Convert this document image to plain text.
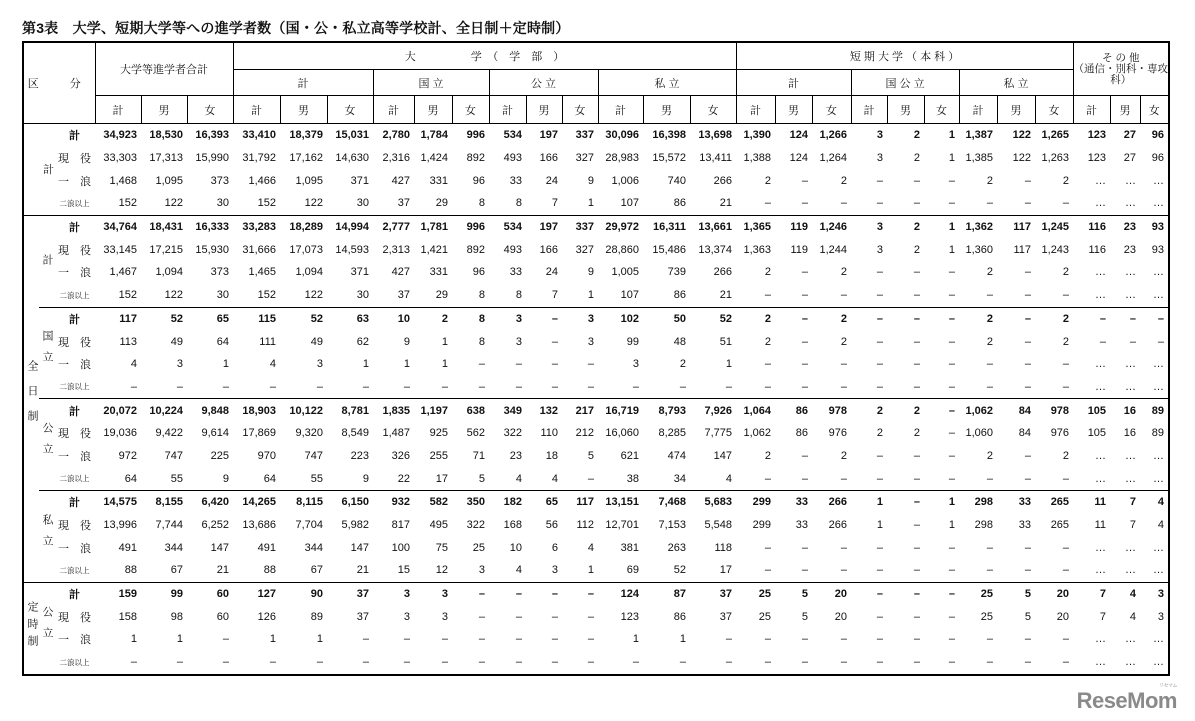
第3表　大学、短期大学等への進学者数（国・公・私立高等学校計、全日制＋定時制）
区　分			大学等進学者合計			大　　　　　学　（　学　部　）												短 期 大 学 （ 本 科 ）									そ の 他
（通信・別科・専攻科）		
						計			国 立			公 立			私 立			計			国 公 立			私 立					
			計	男	女	計	男	女	計	男	女	計	男	女	計	男	女	計	男	女	計	男	女	計	男	女	計	男	女
計		計	34,923	18,530	16,393	33,410	18,379	15,031	2,780	1,784	996	534	197	337	30,096	16,398	13,698	1,390	124	1,266	3	2	1	1,387	122	1,265	123	27	96
		現 役	33,303	17,313	15,990	31,792	17,162	14,630	2,316	1,424	892	493	166	327	28,983	15,572	13,411	1,388	124	1,264	3	2	1	1,385	122	1,263	123	27	96
		一 浪	1,468	1,095	373	1,466	1,095	371	427	331	96	33	24	9	1,006	740	266	2	–	2	–	–	–	2	–	2	…	…	…
		二浪以上	152	122	30	152	122	30	37	29	8	8	7	1	107	86	21	–	–	–	–	–	–	–	–	–	…	…	…
全日制	計	計	34,764	18,431	16,333	33,283	18,289	14,994	2,777	1,781	996	534	197	337	29,972	16,311	13,661	1,365	119	1,246	3	2	1	1,362	117	1,245	116	23	93
		現 役	33,145	17,215	15,930	31,666	17,073	14,593	2,313	1,421	892	493	166	327	28,860	15,486	13,374	1,363	119	1,244	3	2	1	1,360	117	1,243	116	23	93
		一 浪	1,467	1,094	373	1,465	1,094	371	427	331	96	33	24	9	1,005	739	266	2	–	2	–	–	–	2	–	2	…	…	…
		二浪以上	152	122	30	152	122	30	37	29	8	8	7	1	107	86	21	–	–	–	–	–	–	–	–	–	…	…	…
	国立	計	117	52	65	115	52	63	10	2	8	3	–	3	102	50	52	2	–	2	–	–	–	2	–	2	–	–	–
		現 役	113	49	64	111	49	62	9	1	8	3	–	3	99	48	51	2	–	2	–	–	–	2	–	2	–	–	–
		一 浪	4	3	1	4	3	1	1	1	–	–	–	–	3	2	1	–	–	–	–	–	–	–	–	–	…	…	…
		二浪以上	–	–	–	–	–	–	–	–	–	–	–	–	–	–	–	–	–	–	–	–	–	–	–	–	…	…	…
	公立	計	20,072	10,224	9,848	18,903	10,122	8,781	1,835	1,197	638	349	132	217	16,719	8,793	7,926	1,064	86	978	2	2	–	1,062	84	978	105	16	89
		現 役	19,036	9,422	9,614	17,869	9,320	8,549	1,487	925	562	322	110	212	16,060	8,285	7,775	1,062	86	976	2	2	–	1,060	84	976	105	16	89
		一 浪	972	747	225	970	747	223	326	255	71	23	18	5	621	474	147	2	–	2	–	–	–	2	–	2	…	…	…
		二浪以上	64	55	9	64	55	9	22	17	5	4	4	–	38	34	4	–	–	–	–	–	–	–	–	–	…	…	…
	私立	計	14,575	8,155	6,420	14,265	8,115	6,150	932	582	350	182	65	117	13,151	7,468	5,683	299	33	266	1	–	1	298	33	265	11	7	4
		現 役	13,996	7,744	6,252	13,686	7,704	5,982	817	495	322	168	56	112	12,701	7,153	5,548	299	33	266	1	–	1	298	33	265	11	7	4
		一 浪	491	344	147	491	344	147	100	75	25	10	6	4	381	263	118	–	–	–	–	–	–	–	–	–	…	…	…
		二浪以上	88	67	21	88	67	21	15	12	3	4	3	1	69	52	17	–	–	–	–	–	–	–	–	–	…	…	…
定時制	公立	計	159	99	60	127	90	37	3	3	–	–	–	–	124	87	37	25	5	20	–	–	–	25	5	20	7	4	3
		現 役	158	98	60	126	89	37	3	3	–	–	–	–	123	86	37	25	5	20	–	–	–	25	5	20	7	4	3
		一 浪	1	1	–	1	1	–	–	–	–	–	–	–	1	1	–	–	–	–	–	–	–	–	–	–	…	…	…
		二浪以上	–	–	–	–	–	–	–	–	–	–	–	–	–	–	–	–	–	–	–	–	–	–	–	–	…	…	…
リセマム
ReseMom
